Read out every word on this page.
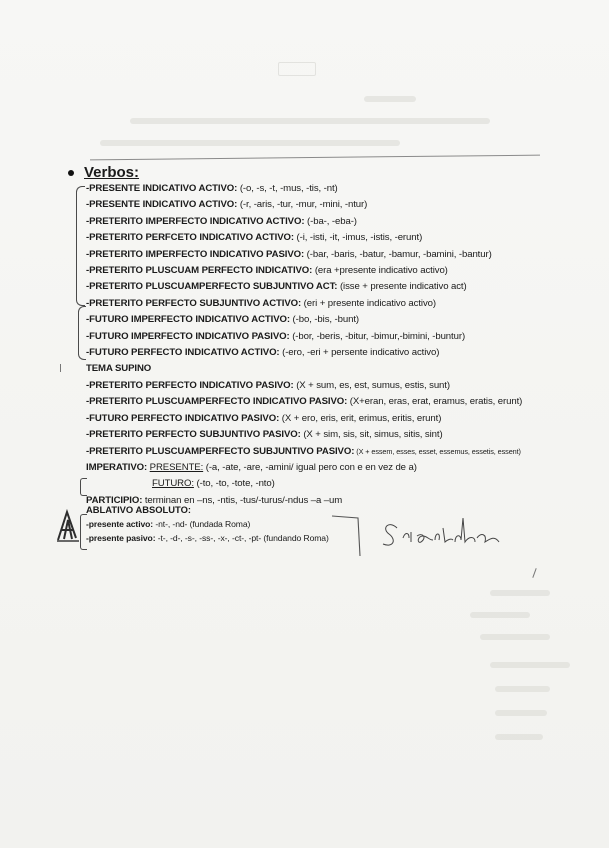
Verbos:
-PRESENTE INDICATIVO ACTIVO: (-o, -s, -t, -mus, -tis, -nt)
-PRESENTE INDICATIVO ACTIVO: (-r, -aris, -tur, -mur, -mini, -ntur)
-PRETERITO IMPERFECTO INDICATIVO ACTIVO: (-ba-, -eba-)
-PRETERITO PERFCETO INDICATIVO ACTIVO: (-i, -isti, -it, -imus, -istis, -erunt)
-PRETERITO IMPERFECTO INDICATIVO PASIVO: (-bar, -baris, -batur, -bamur, -bamini, -bantur)
-PRETERITO PLUSCUAM PERFECTO INDICATIVO: (era +presente indicativo activo)
-PRETERITO PLUSCUAMPERFECTO SUBJUNTIVO ACT: (isse + presente indicativo act)
-PRETERITO PERFECTO SUBJUNTIVO ACTIVO: (eri + presente indicativo activo)
-FUTURO IMPERFECTO INDICATIVO ACTIVO: (-bo, -bis, -bunt)
-FUTURO IMPERFECTO INDICATIVO PASIVO: (-bor, -beris, -bitur, -bimur,-bimini, -buntur)
-FUTURO PERFECTO INDICATIVO ACTIVO: (-ero, -eri + persente indicativo activo)
TEMA SUPINO
-PRETERITO PERFECTO INDICATIVO PASIVO: (X + sum, es, est, sumus, estis, sunt)
-PRETERITO PLUSCUAMPERFECTO INDICATIVO PASIVO: (X+eran, eras, erat, eramus, eratis, erunt)
-FUTURO PERFECTO INDICATIVO PASIVO: (X + ero, eris, erit, erimus, eritis, erunt)
-PRETERITO PERFECTO SUBJUNTIVO PASIVO: (X + sim, sis, sit, simus, sitis, sint)
-PRETERITO PLUSCUAMPERFECTO SUBJUNTIVO PASIVO: (X + essem, esses, esset, essemus, essetis, essent)
IMPERATIVO: PRESENTE: (-a, -ate, -are, -amini/ igual pero con e en vez de a)
FUTURO: (-to, -to, -tote, -nto)
PARTICIPIO: terminan en –ns, -ntis, -tus/-turus/-ndus –a –um
ABLATIVO ABSOLUTO:
-presente activo: -nt-, -nd- (fundada Roma)
-presente pasivo: -t-, -d-, -s-, -ss-, -x-, -ct-, -pt- (fundando Roma)
